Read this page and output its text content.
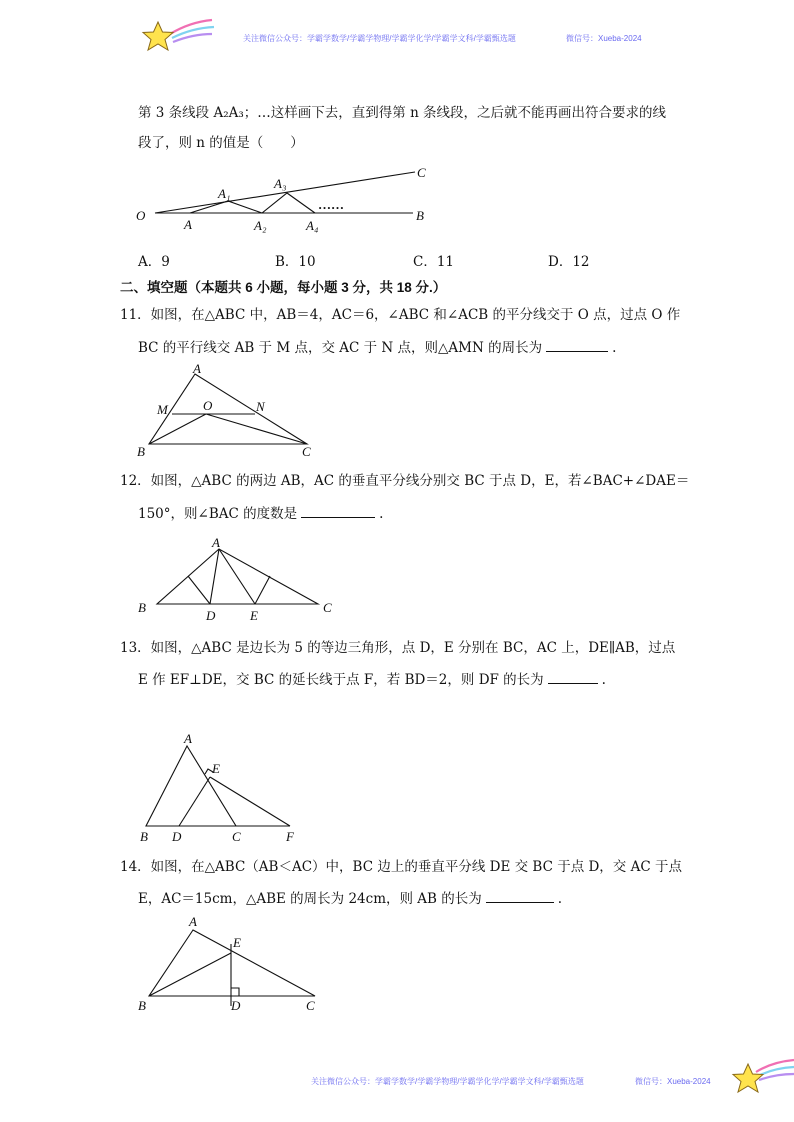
关注微信公众号：学霸学数学/学霸学物理/学霸学化学/学霸学文科/学霸甄选题	微信号：Xueba-2024
第 3 条线段 A₂A₃；…这样画下去，直到得第 n 条线段，之后就不能再画出符合要求的线
段了，则 n 的值是（　　）
O
A
A₁
A₂
A₃
A₄
……
B
C
A．9	B．10	C．11	D．12
二、填空题（本题共 6 小题，每小题 3 分，共 18 分.）
11．如图，在△ABC 中，AB＝4，AC＝6，∠ABC 和∠ACB 的平分线交于 O 点，过点 O 作
BC 的平行线交 AB 于 M 点，交 AC 于 N 点，则△AMN 的周长为	.
A
B	C
M	N
O
12．如图，△ABC 的两边 AB，AC 的垂直平分线分别交 BC 于点 D，E，若∠BAC+∠DAE＝
150°，则∠BAC 的度数是	.
A
B	C
D	E
13．如图，△ABC 是边长为 5 的等边三角形，点 D，E 分别在 BC，AC 上，DE∥AB，过点
E 作 EF⊥DE，交 BC 的延长线于点 F，若 BD＝2，则 DF 的长为	.
A
B D	C	F
E
14．如图，在△ABC（AB＜AC）中，BC 边上的垂直平分线 DE 交 BC 于点 D，交 AC 于点
E，AC＝15cm，△ABE 的周长为 24cm，则 AB 的长为	.
A
E
B	D	C
关注微信公众号：学霸学数学/学霸学物理/学霸学化学/学霸学文科/学霸甄选题	微信号：Xueba-2024
